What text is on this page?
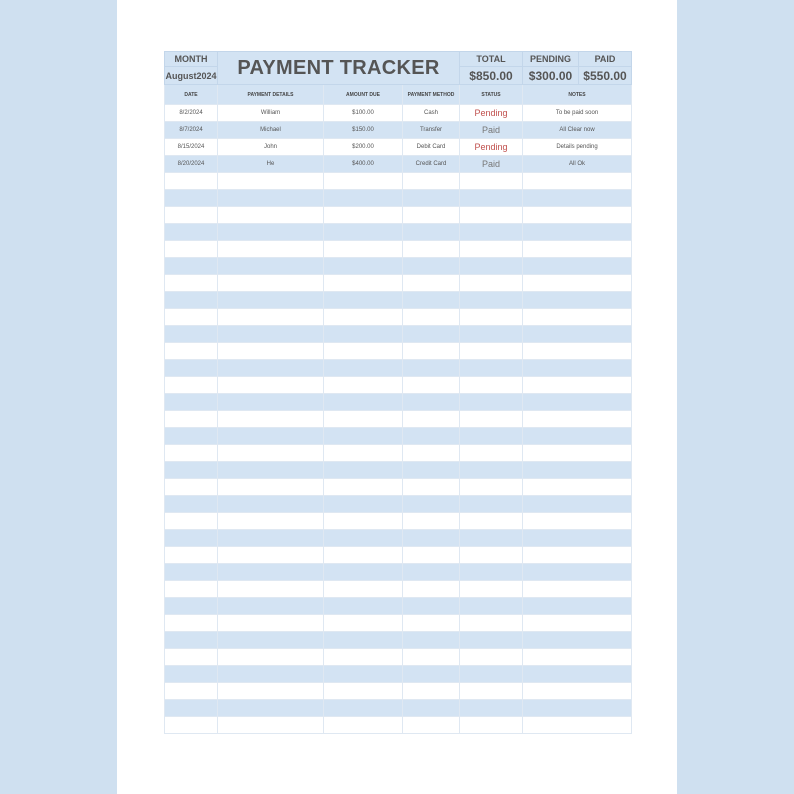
MONTH	PAYMENT TRACKER			TOTAL	PENDING	PAID
August2024				$850.00	$300.00	$550.00
DATE	PAYMENT DETAILS	AMOUNT DUE	PAYMENT METHOD	STATUS	NOTES	
8/2/2024	William	$100.00	Cash	Pending	To be paid soon	
8/7/2024	Michael	$150.00	Transfer	Paid	All Clear now	
8/15/2024	John	$200.00	Debit Card	Pending	Details pending	
8/20/2024	He	$400.00	Credit Card	Paid	All Ok	
